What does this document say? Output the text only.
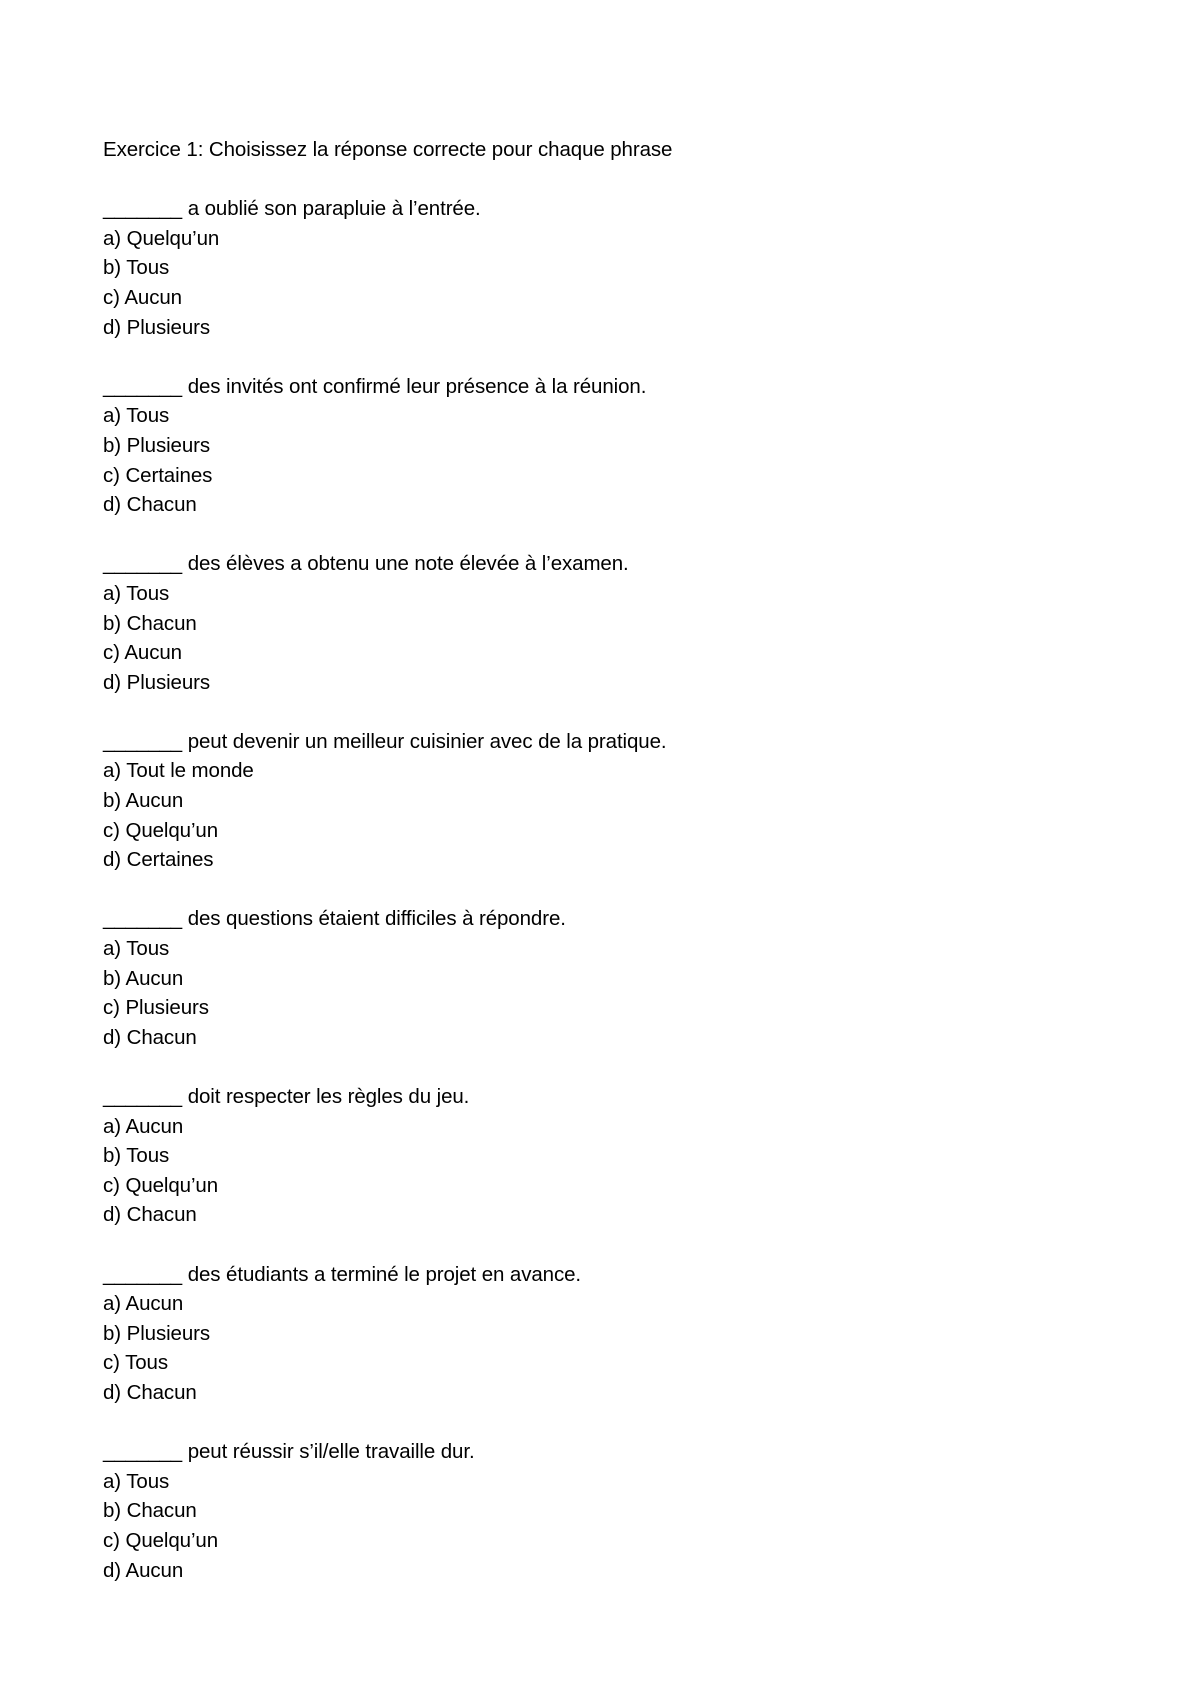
Exercice 1: Choisissez la réponse correcte pour chaque phrase
_______ a oublié son parapluie à l’entrée.
a) Quelqu’un
b) Tous
c) Aucun
d) Plusieurs
_______ des invités ont confirmé leur présence à la réunion.
a) Tous
b) Plusieurs
c) Certaines
d) Chacun
_______ des élèves a obtenu une note élevée à l’examen.
a) Tous
b) Chacun
c) Aucun
d) Plusieurs
_______ peut devenir un meilleur cuisinier avec de la pratique.
a) Tout le monde
b) Aucun
c) Quelqu’un
d) Certaines
_______ des questions étaient difficiles à répondre.
a) Tous
b) Aucun
c) Plusieurs
d) Chacun
_______ doit respecter les règles du jeu.
a) Aucun
b) Tous
c) Quelqu’un
d) Chacun
_______ des étudiants a terminé le projet en avance.
a) Aucun
b) Plusieurs
c) Tous
d) Chacun
_______ peut réussir s’il/elle travaille dur.
a) Tous
b) Chacun
c) Quelqu’un
d) Aucun
